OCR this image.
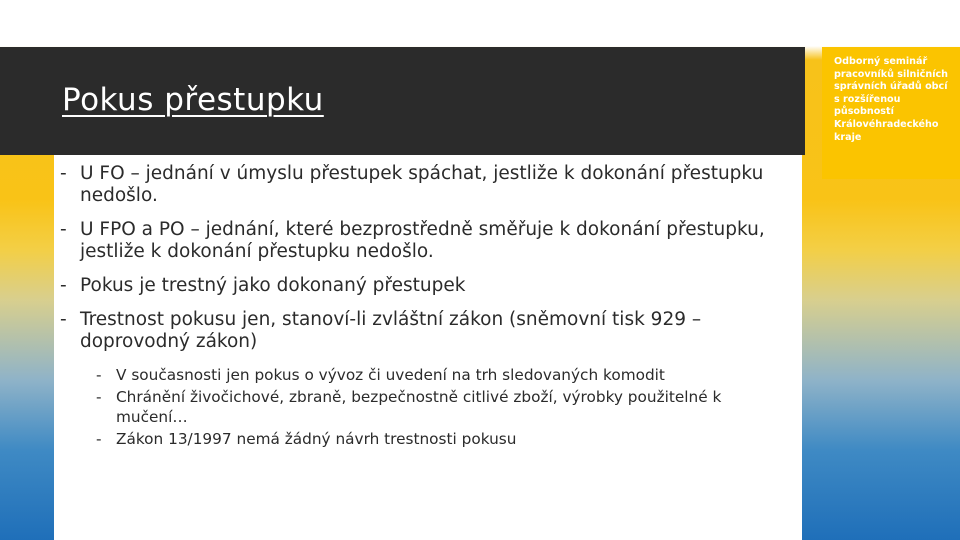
Pokus přestupku
Odborný seminář pracovníků silničních správních úřadů obcí s rozšířenou působností Královéhradeckého kraje
- U FO – jednání v úmyslu přestupek spáchat, jestliže k dokonání přestupku nedošlo.
- U FPO a PO – jednání, které bezprostředně směřuje k dokonání přestupku, jestliže k dokonání přestupku nedošlo.
- Pokus je trestný jako dokonaný přestupek
- Trestnost pokusu jen, stanoví-li zvláštní zákon (sněmovní tisk 929 – doprovodný zákon)
- V současnosti jen pokus o vývoz či uvedení na trh sledovaných komodit
- Chránění živočichové, zbraně, bezpečnostně citlivé zboží, výrobky použitelné k mučení…
- Zákon 13/1997 nemá žádný návrh trestnosti pokusu
